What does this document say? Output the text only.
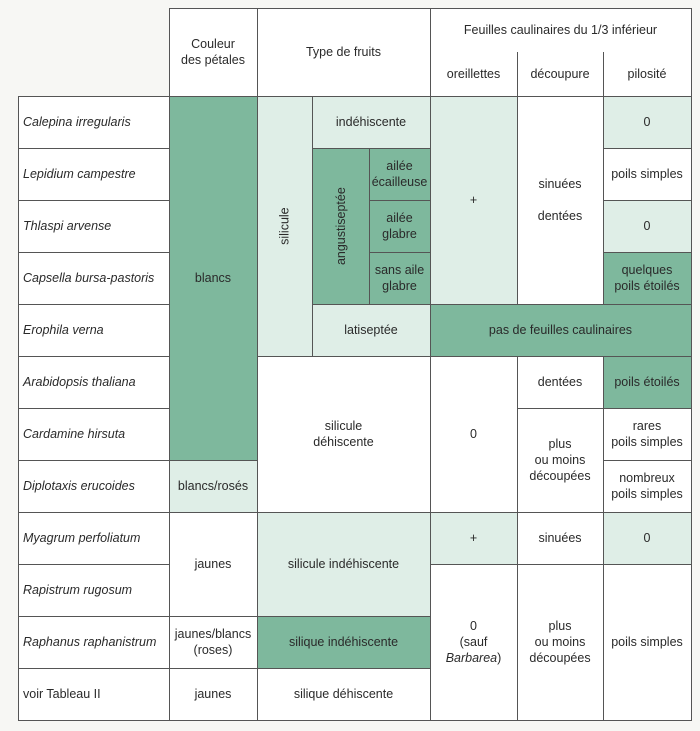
Couleur
des pétales
Type de fruits
Feuilles caulinaires du 1/3 inférieur
oreillettes	découpure	pilosité
Calepina irregularis
Lepidium campestre
Thlaspi arvense
Capsella bursa-pastoris
Erophila verna
Arabidopsis thaliana
Cardamine hirsuta
Diplotaxis erucoides
Myagrum perfoliatum
Rapistrum rugosum
Raphanus raphanistrum
voir Tableau II
blancs
blancs/rosés
jaunes
jaunes/blancs
(roses)
jaunes
silicule
indéhiscente
angustiseptée
ailée
écailleuse
ailée
glabre
sans aile
glabre
latiseptée
silicule
déhiscente
silicule indéhiscente
silique indéhiscente
silique déhiscente
+
0
+
0
(sauf
Barbarea)
pas de feuilles caulinaires
sinuées

dentées
dentées
plus
ou moins
découpées
sinuées
plus
ou moins
découpées
0
poils simples
0
quelques
poils étoilés
poils étoilés
rares
poils simples
nombreux
poils simples
0
poils simples
